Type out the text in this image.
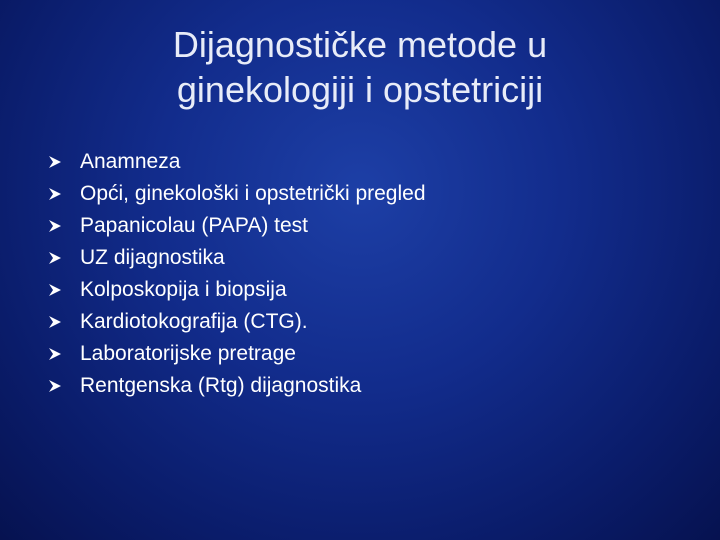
Dijagnostičke metode u
ginekologiji i opstetriciji
Anamneza
Opći, ginekološki i opstetrički pregled
Papanicolau (PAPA) test
UZ dijagnostika
Kolposkopija i biopsija
Kardiotokografija (CTG).
Laboratorijske pretrage
Rentgenska (Rtg) dijagnostika
